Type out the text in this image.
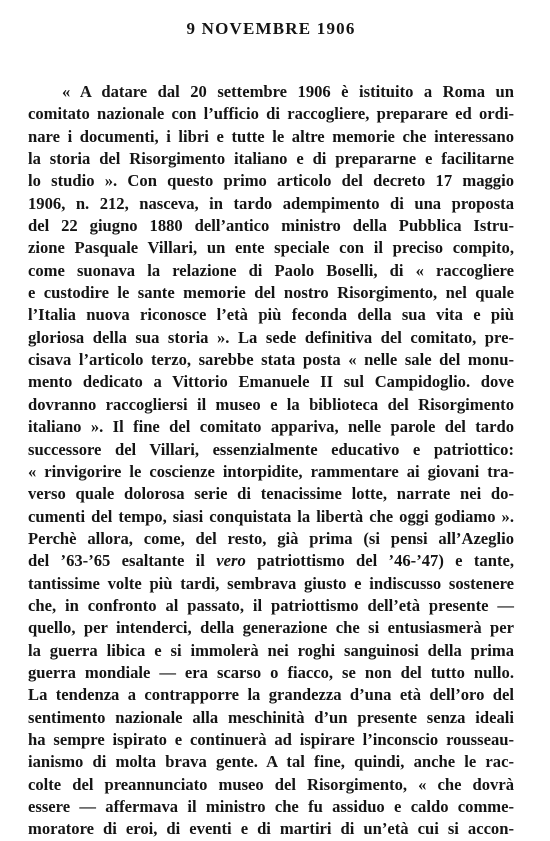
9 NOVEMBRE 1906
« A datare dal 20 settembre 1906 è istituito a Roma un
comitato nazionale con l’ufficio di raccogliere, preparare ed ordi-
nare i documenti, i libri e tutte le altre memorie che interessano
la storia del Risorgimento italiano e di prepararne e facilitarne
lo studio ». Con questo primo articolo del decreto 17 maggio
1906, n. 212, nasceva, in tardo adempimento di una proposta
del 22 giugno 1880 dell’antico ministro della Pubblica Istru-
zione Pasquale Villari, un ente speciale con il preciso compito,
come suonava la relazione di Paolo Boselli, di « raccogliere
e custodire le sante memorie del nostro Risorgimento, nel quale
l’Italia nuova riconosce l’età più feconda della sua vita e più
gloriosa della sua storia ». La sede definitiva del comitato, pre-
cisava l’articolo terzo, sarebbe stata posta « nelle sale del monu-
mento dedicato a Vittorio Emanuele II sul Campidoglio. dove
dovranno raccogliersi il museo e la biblioteca del Risorgimento
italiano ». Il fine del comitato appariva, nelle parole del tardo
successore del Villari, essenzialmente educativo e patriottico:
« rinvigorire le coscienze intorpidite, rammentare ai giovani tra-
verso quale dolorosa serie di tenacissime lotte, narrate nei do-
cumenti del tempo, siasi conquistata la libertà che oggi godiamo ».
Perchè allora, come, del resto, già prima (si pensi all’Azeglio
del ’63-’65 esaltante il vero patriottismo del ’46-’47) e tante,
tantissime volte più tardi, sembrava giusto e indiscusso sostenere
che, in confronto al passato, il patriottismo dell’età presente —
quello, per intenderci, della generazione che si entusiasmerà per
la guerra libica e si immolerà nei roghi sanguinosi della prima
guerra mondiale — era scarso o fiacco, se non del tutto nullo.
La tendenza a contrapporre la grandezza d’una età dell’oro del
sentimento nazionale alla meschinità d’un presente senza ideali
ha sempre ispirato e continuerà ad ispirare l’inconscio rousseau-
ianismo di molta brava gente. A tal fine, quindi, anche le rac-
colte del preannunciato museo del Risorgimento, « che dovrà
essere — affermava il ministro che fu assiduo e caldo comme-
moratore di eroi, di eventi e di martiri di un’età cui si accon-
